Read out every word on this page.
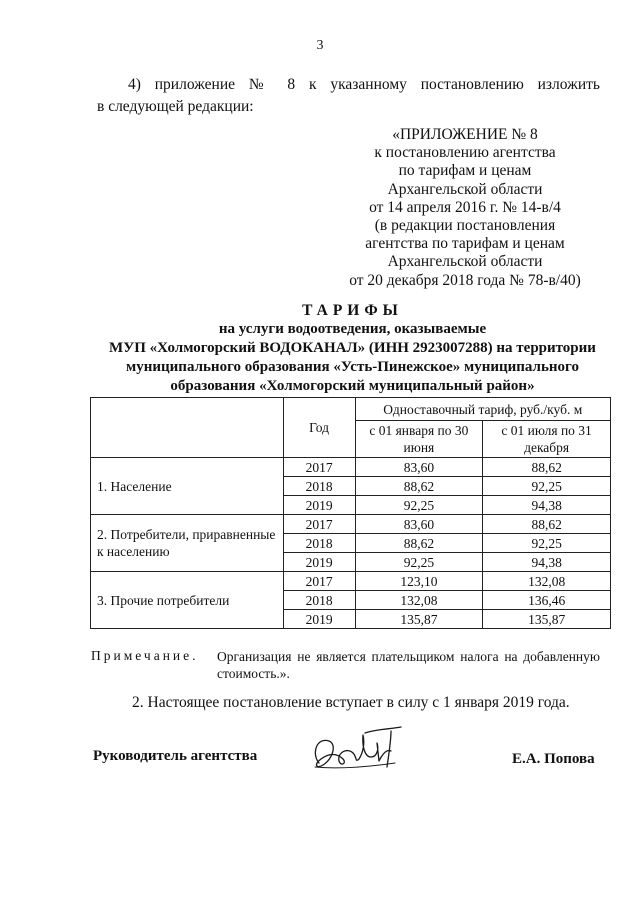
3
4) приложение № 8 к указанному постановлению изложить
в следующей редакции:
«ПРИЛОЖЕНИЕ № 8
к постановлению агентства
по тарифам и ценам
Архангельской области
от 14 апреля 2016 г. № 14-в/4
(в редакции постановления
агентства по тарифам и ценам
Архангельской области
от 20 декабря 2018 года № 78-в/40)
ТАРИФЫ
на услуги водоотведения, оказываемые
МУП «Холмогорский ВОДОКАНАЛ» (ИНН 2923007288) на территории
муниципального образования «Усть-Пинежское» муниципального
образования «Холмогорский муниципальный район»
	Год	Одноставочный тариф, руб./куб. м	
		с 01 января по 30 июня	с 01 июля по 31 декабря
1. Население	2017	83,60	88,62
	2018	88,62	92,25
	2019	92,25	94,38
2. Потребители, приравненные к населению	2017	83,60	88,62
	2018	88,62	92,25
	2019	92,25	94,38
3. Прочие потребители	2017	123,10	132,08
	2018	132,08	136,46
	2019	135,87	135,87
Примечание. Организация не является плательщиком налога на добавленную стоимость.».
2. Настоящее постановление вступает в силу с 1 января 2019 года.
Руководитель агентства	Е.А. Попова
